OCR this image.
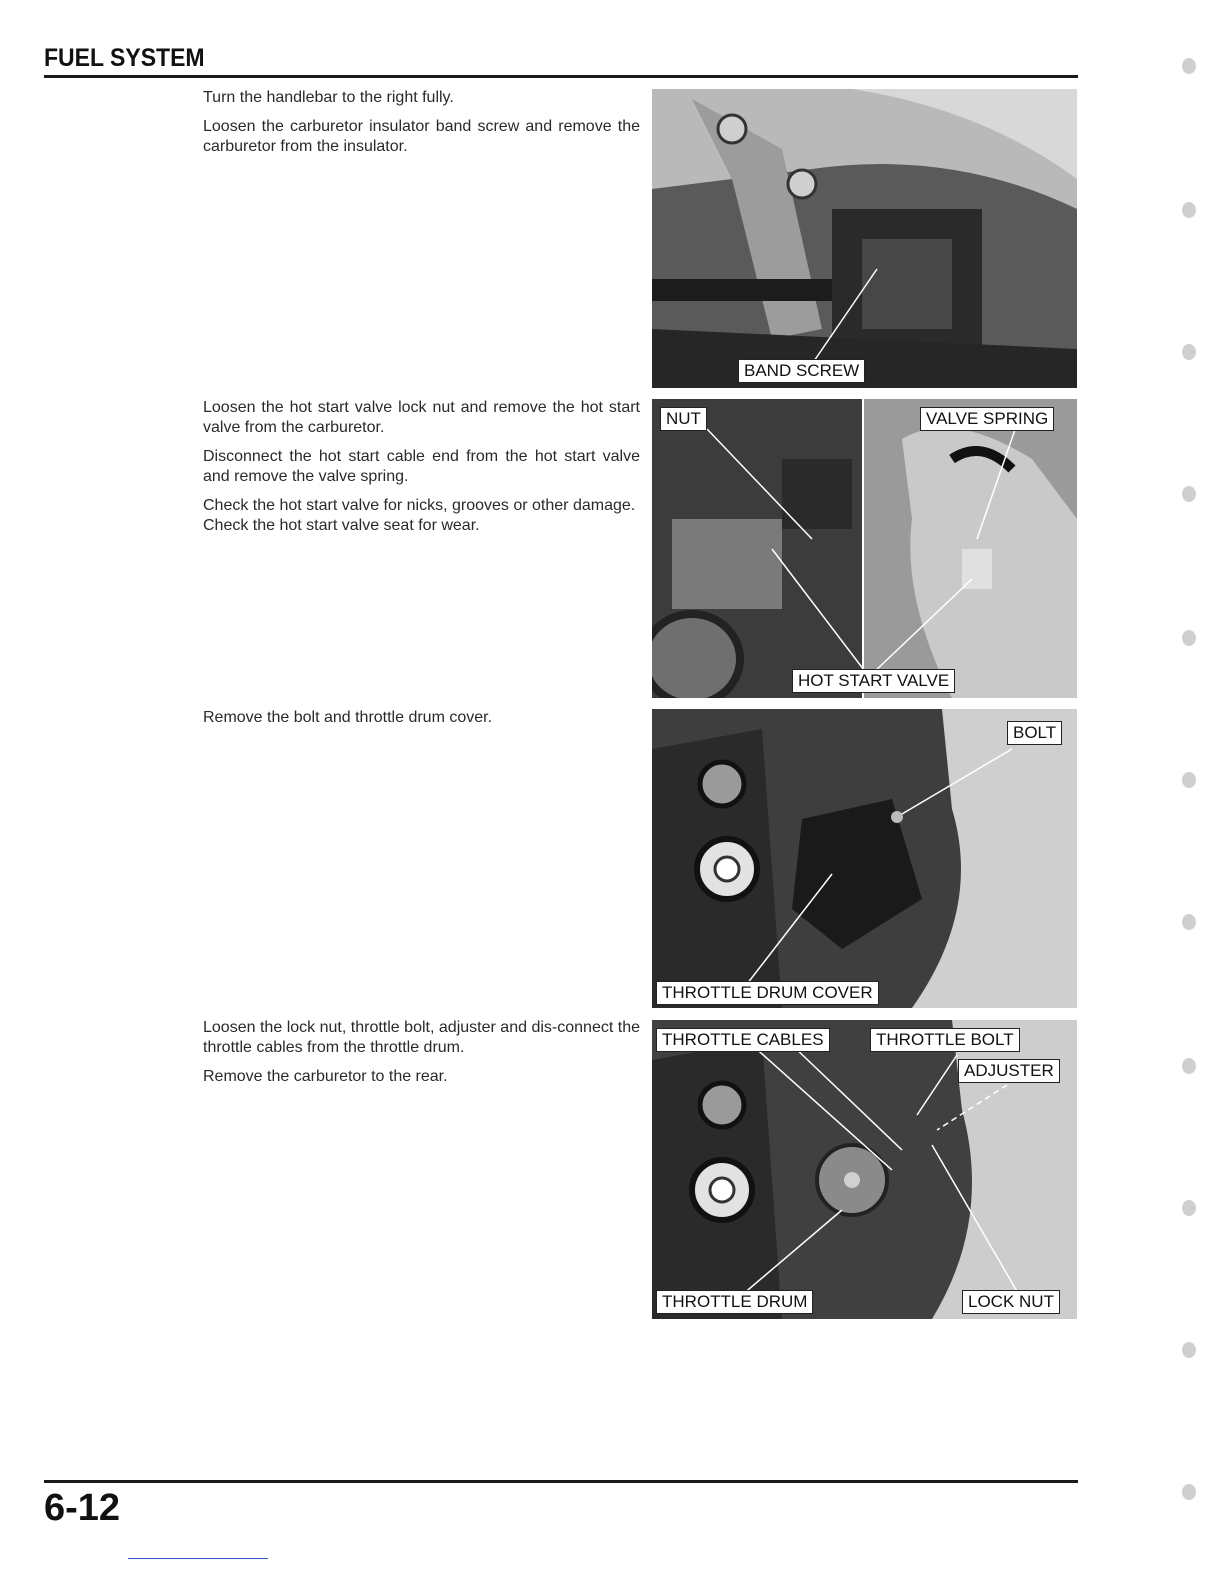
FUEL SYSTEM

Turn the handlebar to the right fully.

Loosen the carburetor insulator band screw and remove the carburetor from the insulator.

BAND SCREW

Loosen the hot start valve lock nut and remove the hot start valve from the carburetor.

Disconnect the hot start cable end from the hot start valve and remove the valve spring.

Check the hot start valve for nicks, grooves or other damage.

Check the hot start valve seat for wear.

NUT	VALVE SPRING
HOT START VALVE

Remove the bolt and throttle drum cover.

BOLT
THROTTLE DRUM COVER

Loosen the lock nut, throttle bolt, adjuster and dis-connect the throttle cables from the throttle drum.

Remove the carburetor to the rear.

THROTTLE CABLES	THROTTLE BOLT
ADJUSTER
THROTTLE DRUM	LOCK NUT
6-12
